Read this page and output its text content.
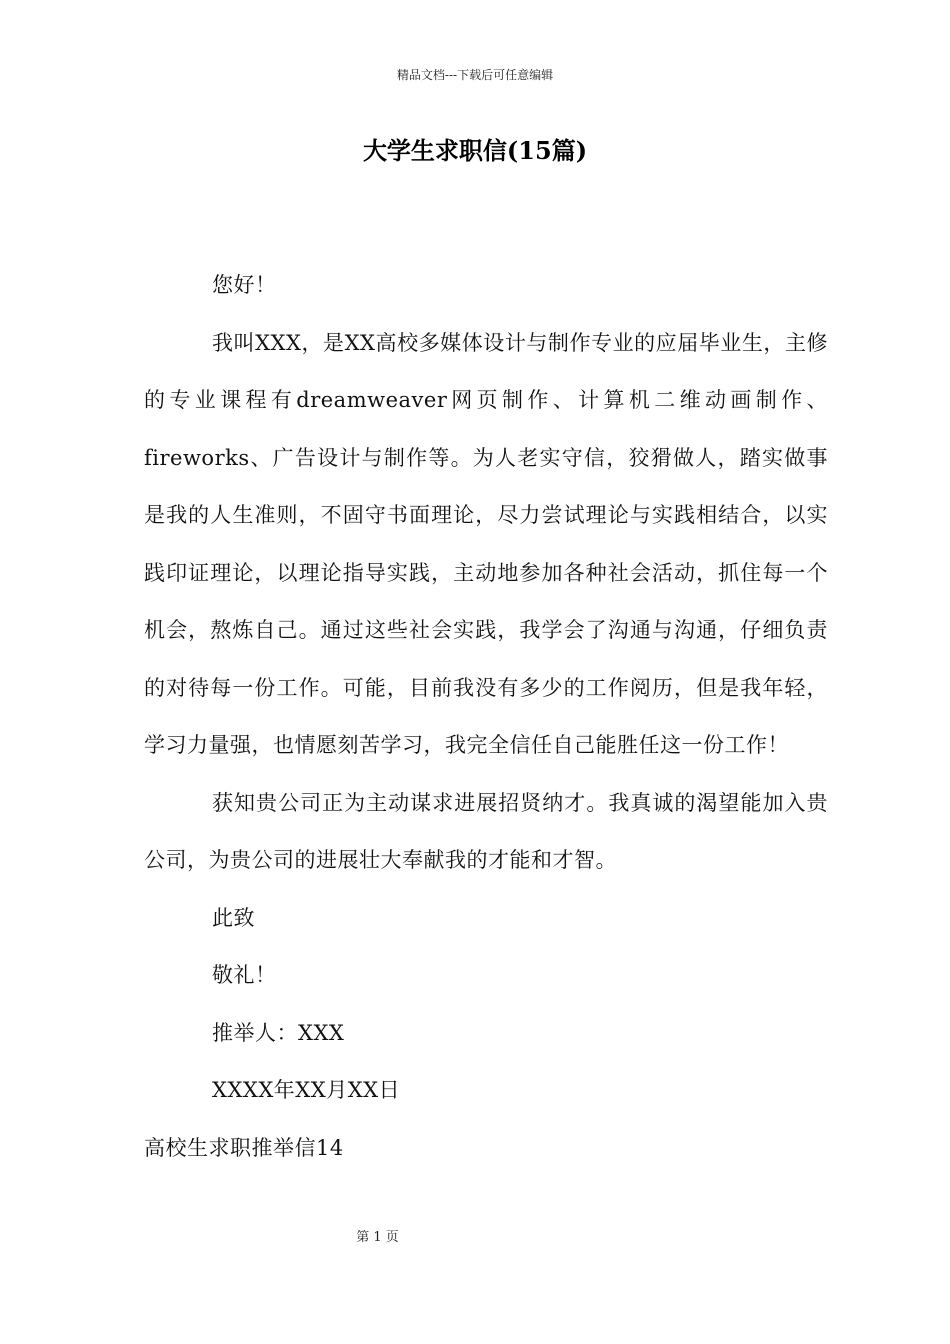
精品文档---下载后可任意编辑
大学生求职信(15篇)

您好！

我叫XXX，是XX高校多媒体设计与制作专业的应届毕业生，主修的专业课程有dreamweaver网页制作、计算机二维动画制作、fireworks、广告设计与制作等。为人老实守信，狡猾做人，踏实做事是我的人生准则，不固守书面理论，尽力尝试理论与实践相结合，以实践印证理论，以理论指导实践，主动地参加各种社会活动，抓住每一个机会，熬炼自己。通过这些社会实践，我学会了沟通与沟通，仔细负责的对待每一份工作。可能，目前我没有多少的工作阅历，但是我年轻，学习力量强，也情愿刻苦学习，我完全信任自己能胜任这一份工作！

获知贵公司正为主动谋求进展招贤纳才。我真诚的渴望能加入贵公司，为贵公司的进展壮大奉献我的才能和才智。

此致

敬礼！

推举人：XXX

XXXX年XX月XX日

高校生求职推举信14

第 1 页
